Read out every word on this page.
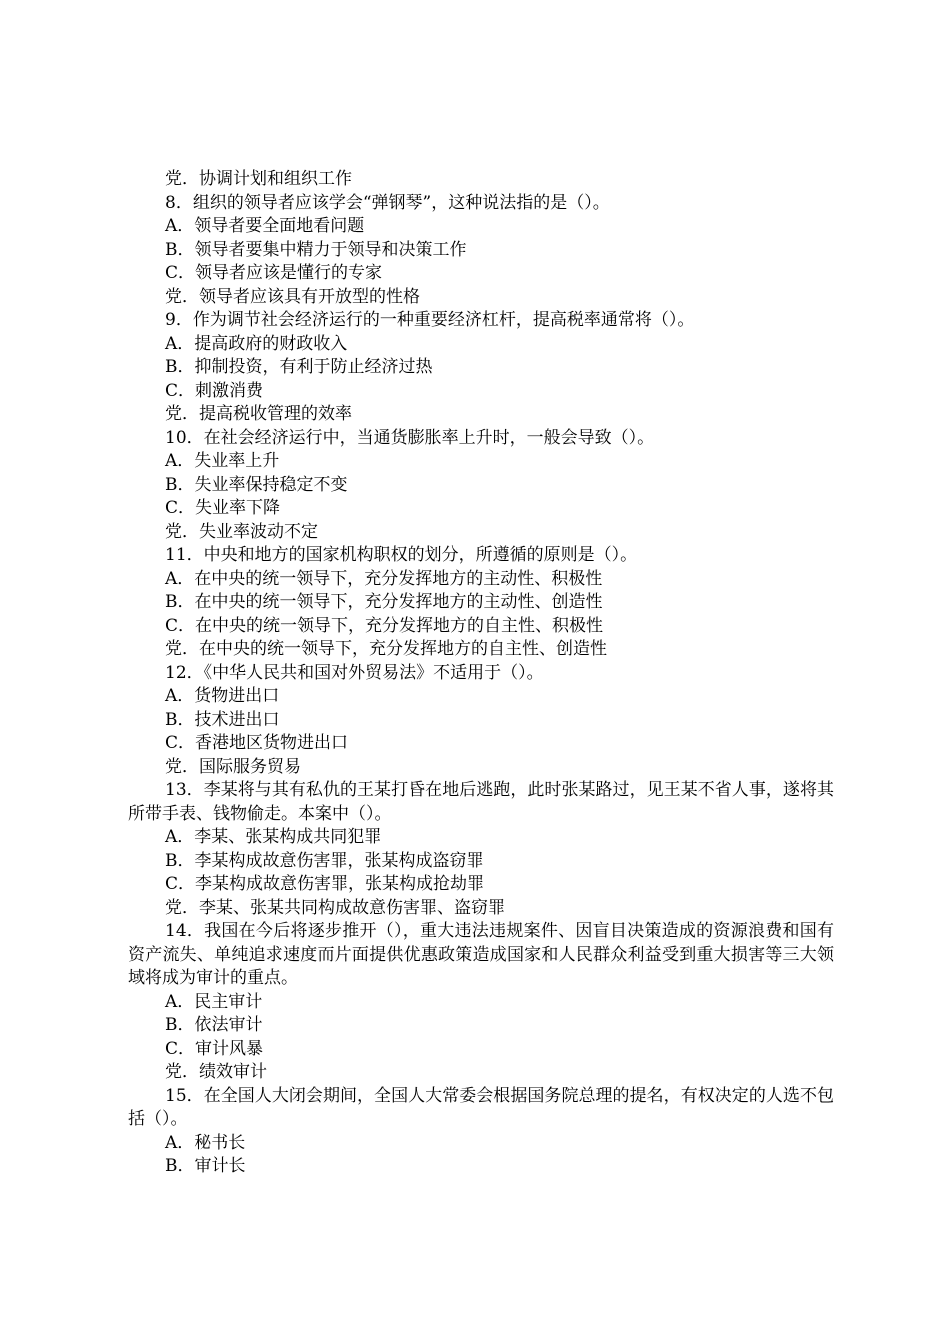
党．协调计划和组织工作
8．组织的领导者应该学会“弹钢琴”，这种说法指的是（）。
A．领导者要全面地看问题
B．领导者要集中精力于领导和决策工作
C．领导者应该是懂行的专家
党．领导者应该具有开放型的性格
9．作为调节社会经济运行的一种重要经济杠杆，提高税率通常将（）。
A．提高政府的财政收入
B．抑制投资，有利于防止经济过热
C．刺激消费
党．提高税收管理的效率
10．在社会经济运行中，当通货膨胀率上升时，一般会导致（）。
A．失业率上升
B．失业率保持稳定不变
C．失业率下降
党．失业率波动不定
11．中央和地方的国家机构职权的划分，所遵循的原则是（）。
A．在中央的统一领导下，充分发挥地方的主动性、积极性
B．在中央的统一领导下，充分发挥地方的主动性、创造性
C．在中央的统一领导下，充分发挥地方的自主性、积极性
党．在中央的统一领导下，充分发挥地方的自主性、创造性
12．《中华人民共和国对外贸易法》不适用于（）。
A．货物进出口
B．技术进出口
C．香港地区货物进出口
党．国际服务贸易
13．李某将与其有私仇的王某打昏在地后逃跑，此时张某路过，见王某不省人事，遂将其所带手表、钱物偷走。本案中（）。
A．李某、张某构成共同犯罪
B．李某构成故意伤害罪，张某构成盗窃罪
C．李某构成故意伤害罪，张某构成抢劫罪
党．李某、张某共同构成故意伤害罪、盗窃罪
14．我国在今后将逐步推开（），重大违法违规案件、因盲目决策造成的资源浪费和国有资产流失、单纯追求速度而片面提供优惠政策造成国家和人民群众利益受到重大损害等三大领域将成为审计的重点。
A．民主审计
B．依法审计
C．审计风暴
党．绩效审计
15．在全国人大闭会期间，全国人大常委会根据国务院总理的提名，有权决定的人选不包括（）。
A．秘书长
B．审计长
